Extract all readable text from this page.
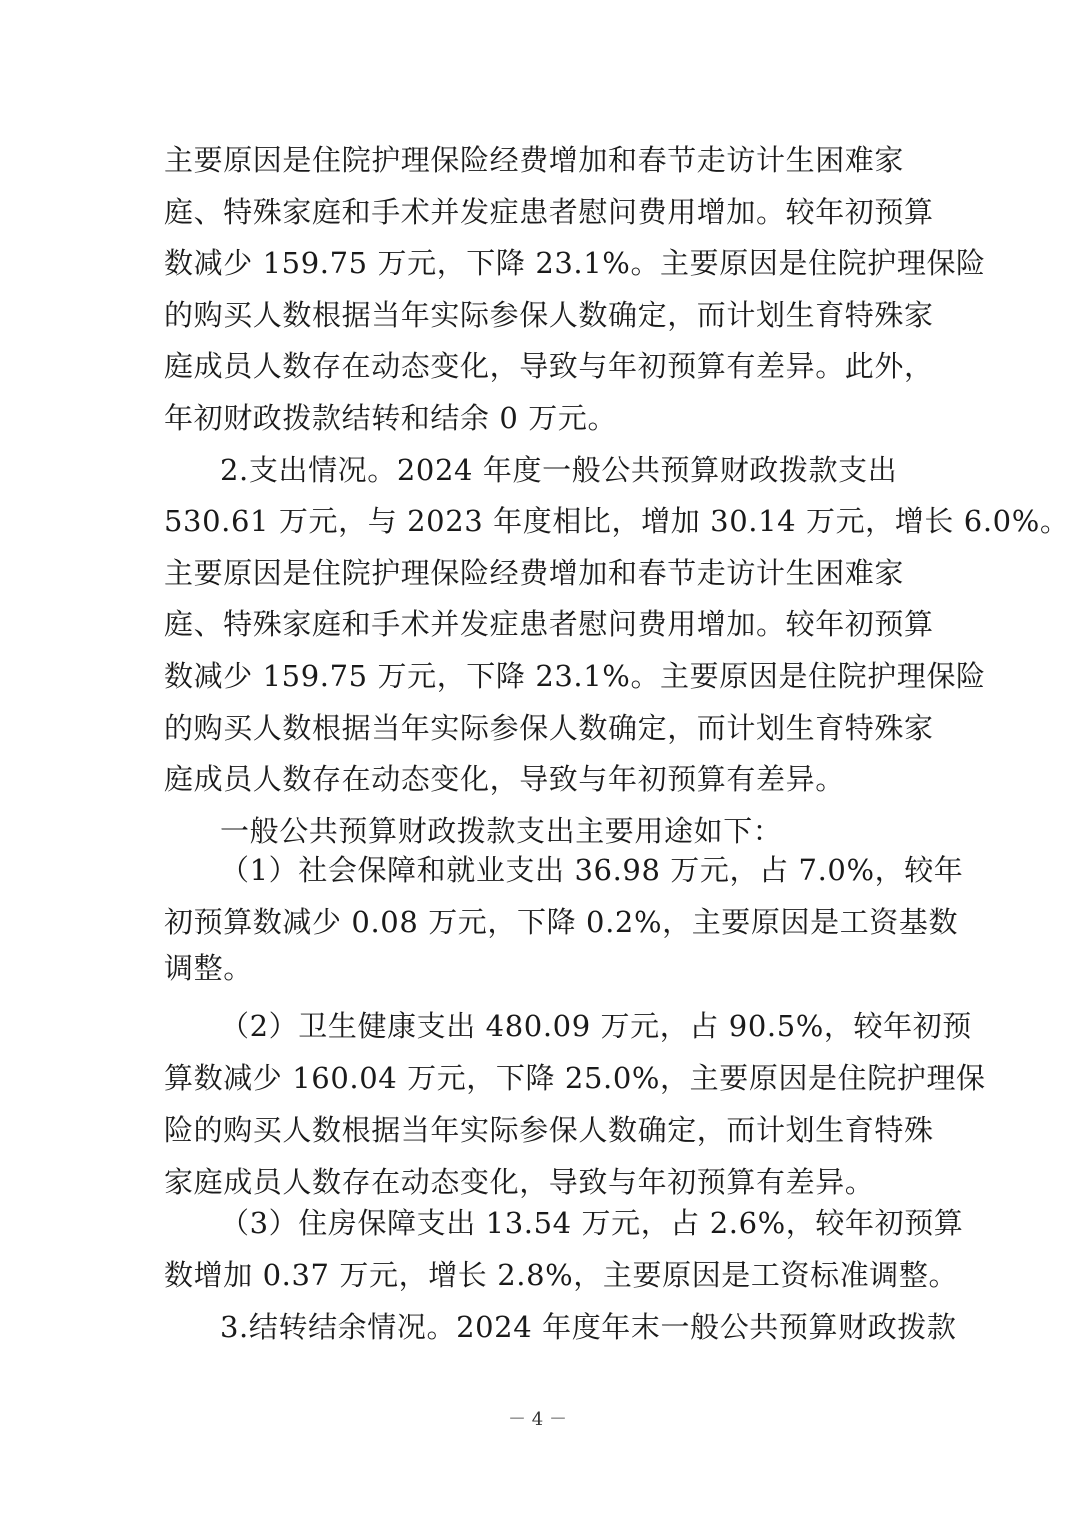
主要原因是住院护理保险经费增加和春节走访计生困难家
庭、特殊家庭和手术并发症患者慰问费用增加。较年初预算
数减少 159.75 万元，下降 23.1%。主要原因是住院护理保险
的购买人数根据当年实际参保人数确定，而计划生育特殊家
庭成员人数存在动态变化，导致与年初预算有差异。此外，
年初财政拨款结转和结余 0 万元。
2.支出情况。2024 年度一般公共预算财政拨款支出
530.61 万元，与 2023 年度相比，增加 30.14 万元，增长 6.0%。
主要原因是住院护理保险经费增加和春节走访计生困难家
庭、特殊家庭和手术并发症患者慰问费用增加。较年初预算
数减少 159.75 万元，下降 23.1%。主要原因是住院护理保险
的购买人数根据当年实际参保人数确定，而计划生育特殊家
庭成员人数存在动态变化，导致与年初预算有差异。
一般公共预算财政拨款支出主要用途如下：
（1）社会保障和就业支出 36.98 万元，占 7.0%，较年
初预算数减少 0.08 万元，下降 0.2%，主要原因是工资基数
调整。
（2）卫生健康支出 480.09 万元，占 90.5%，较年初预
算数减少 160.04 万元，下降 25.0%，主要原因是住院护理保
险的购买人数根据当年实际参保人数确定，而计划生育特殊
家庭成员人数存在动态变化，导致与年初预算有差异。
（3）住房保障支出 13.54 万元，占 2.6%，较年初预算
数增加 0.37 万元，增长 2.8%，主要原因是工资标准调整。
3.结转结余情况。2024 年度年末一般公共预算财政拨款
－ 4 －
